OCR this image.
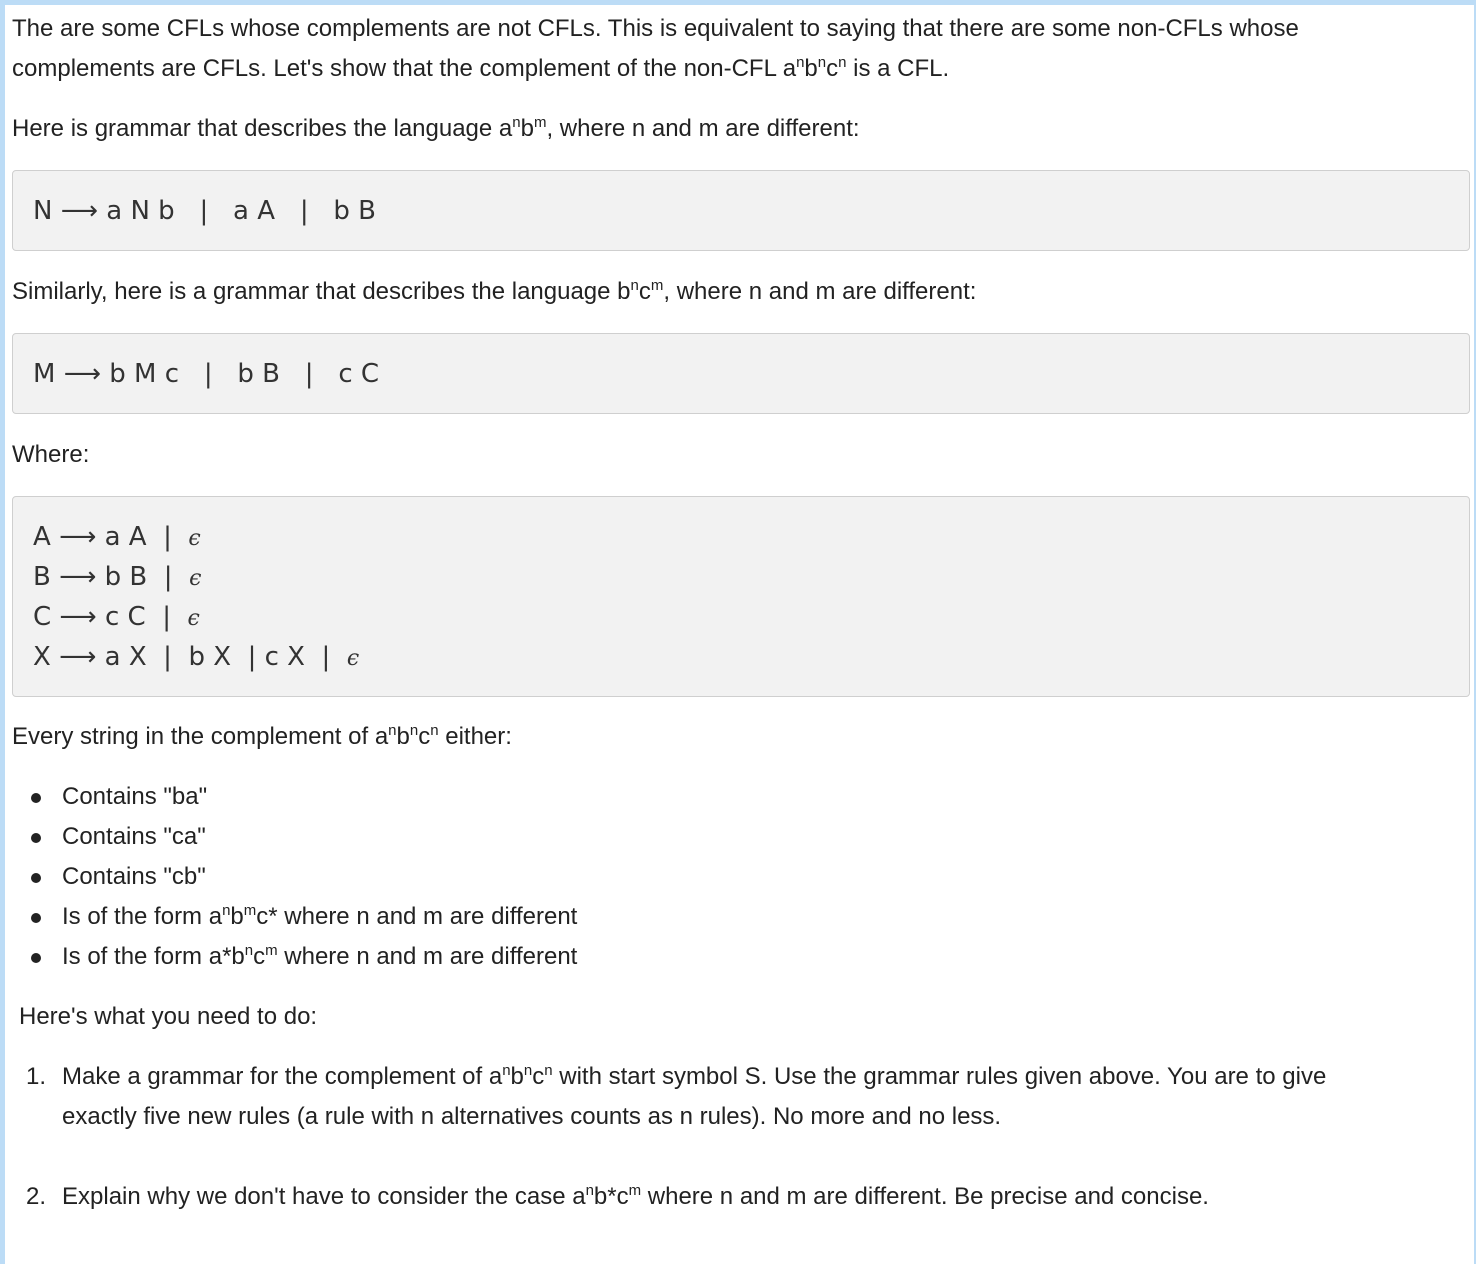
The are some CFLs whose complements are not CFLs. This is equivalent to saying that there are some non-CFLs whose
complements are CFLs. Let's show that the complement of the non-CFL $a^nb^nc^n$ is a CFL.

Here is grammar that describes the language $a^nb^m$, where n and m are different:

N ⟶ a N b | a A | b B

Similarly, here is a grammar that describes the language $b^nc^m$, where n and m are different:

M ⟶ b M c | b B | c C

Where:

A ⟶ a A | ϵ
B ⟶ b B | ϵ
C ⟶ c C | ϵ
X ⟶ a X | b X | c X | ϵ

Every string in the complement of $a^nb^nc^n$ either:

Contains "ba"
Contains "ca"
Contains "cb"
Is of the form $a^nb^mc*$ where n and m are different
Is of the form $a*b^nc^m$ where n and m are different

Here's what you need to do:

1. Make a grammar for the complement of $a^nb^nc^n$ with start symbol S. Use the grammar rules given above. You are to give
exactly five new rules (a rule with n alternatives counts as n rules). No more and no less.
2. Explain why we don't have to consider the case $a^nb*c^m$ where n and m are different. Be precise and concise.
